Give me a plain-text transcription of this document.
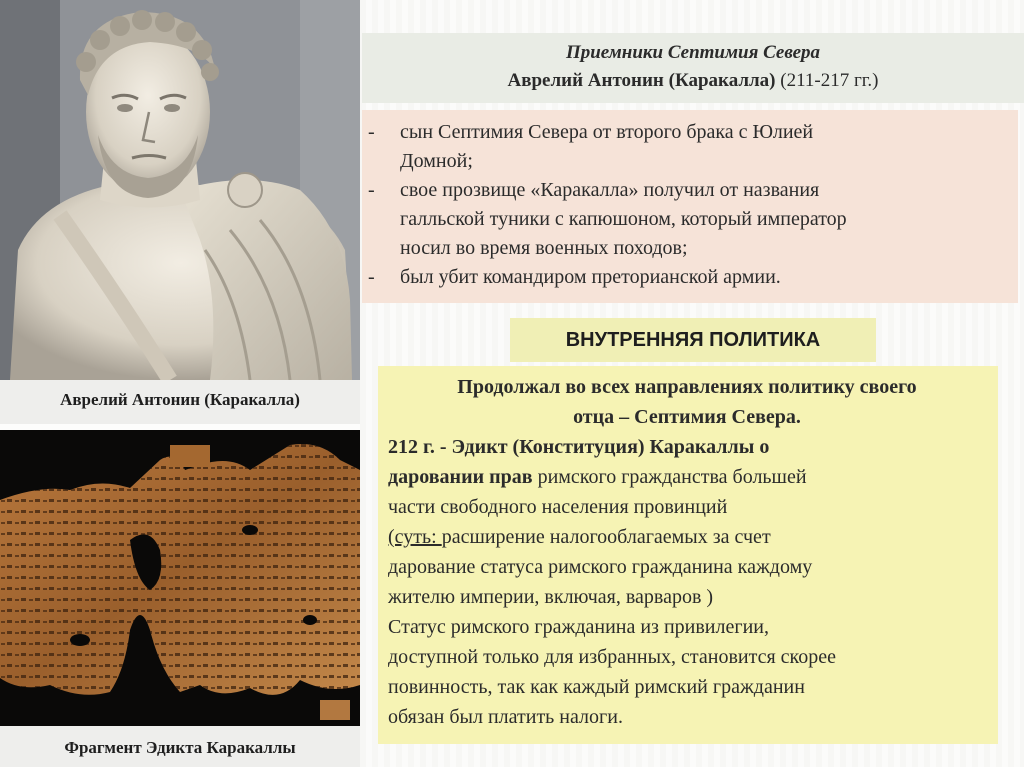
Аврелий Антонин (Каракалла)
Фрагмент Эдикта Каракаллы
Приемники Септимия Севера
Аврелий Антонин (Каракалла) (211-217 гг.)
-	сын Септимия Севера от второго брака с Юлией
Домной;
-	свое прозвище «Каракалла» получил от названия
галльской туники с капюшоном, который император
носил во время военных походов;
-	был убит командиром преторианской армии.
ВНУТРЕННЯЯ ПОЛИТИКА
Продолжал во всех направлениях политику своего
отца – Септимия Севера.
212 г. - Эдикт (Конституция) Каракаллы о
даровании прав римского гражданства большей
части свободного населения провинций
(суть: расширение налогооблагаемых за счет
дарование статуса римского гражданина каждому
жителю империи, включая, варваров )
Статус римского гражданина из привилегии,
доступной только для избранных, становится скорее
повинность, так как каждый римский гражданин
обязан был платить налоги.
